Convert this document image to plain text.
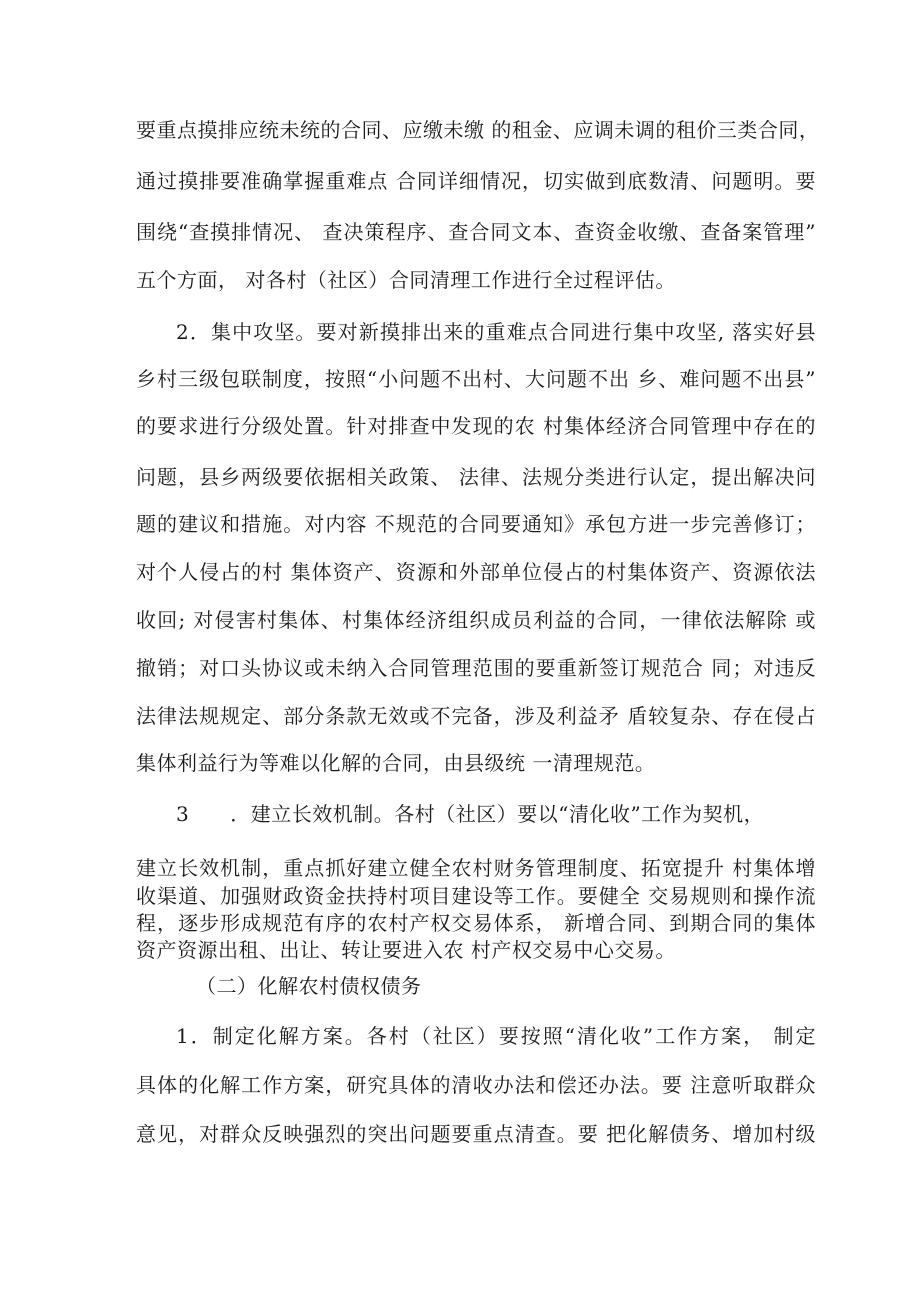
要重点摸排应统未统的合同、应缴未缴 的租金、应调未调的租价三类合同，
通过摸排要准确掌握重难点 合同详细情况，切实做到底数清、问题明。要
围绕“查摸排情况、 查决策程序、查合同文本、查资金收缴、查备案管理”
五个方面， 对各村（社区）合同清理工作进行全过程评估。
2．集中攻坚。要对新摸排出来的重难点合同进行集中攻坚, 落实好县
乡村三级包联制度，按照“小问题不出村、大问题不出 乡、难问题不出县”
的要求进行分级处置。针对排查中发现的农 村集体经济合同管理中存在的
问题，县乡两级要依据相关政策、 法律、法规分类进行认定，提出解决问
题的建议和措施。对内容 不规范的合同要通知》承包方进一步完善修订；
对个人侵占的村 集体资产、资源和外部单位侵占的村集体资产、资源依法
收回; 对侵害村集体、村集体经济组织成员利益的合同，一律依法解除 或
撤销；对口头协议或未纳入合同管理范围的要重新签订规范合 同；对违反
法律法规规定、部分条款无效或不完备，涉及利益矛 盾较复杂、存在侵占
集体利益行为等难以化解的合同，由县级统 一清理规范。
3　　．建立长效机制。各村（社区）要以“清化收”工作为契机，
建立长效机制，重点抓好建立健全农村财务管理制度、拓宽提升 村集体增
收渠道、加强财政资金扶持村项目建设等工作。要健全 交易规则和操作流
程，逐步形成规范有序的农村产权交易体系， 新增合同、到期合同的集体
资产资源出租、出让、转让要进入农 村产权交易中心交易。
（二）化解农村债权债务
1．制定化解方案。各村（社区）要按照“清化收”工作方案， 制定
具体的化解工作方案，研究具体的清收办法和偿还办法。要 注意听取群众
意见，对群众反映强烈的突出问题要重点清查。要 把化解债务、增加村级
